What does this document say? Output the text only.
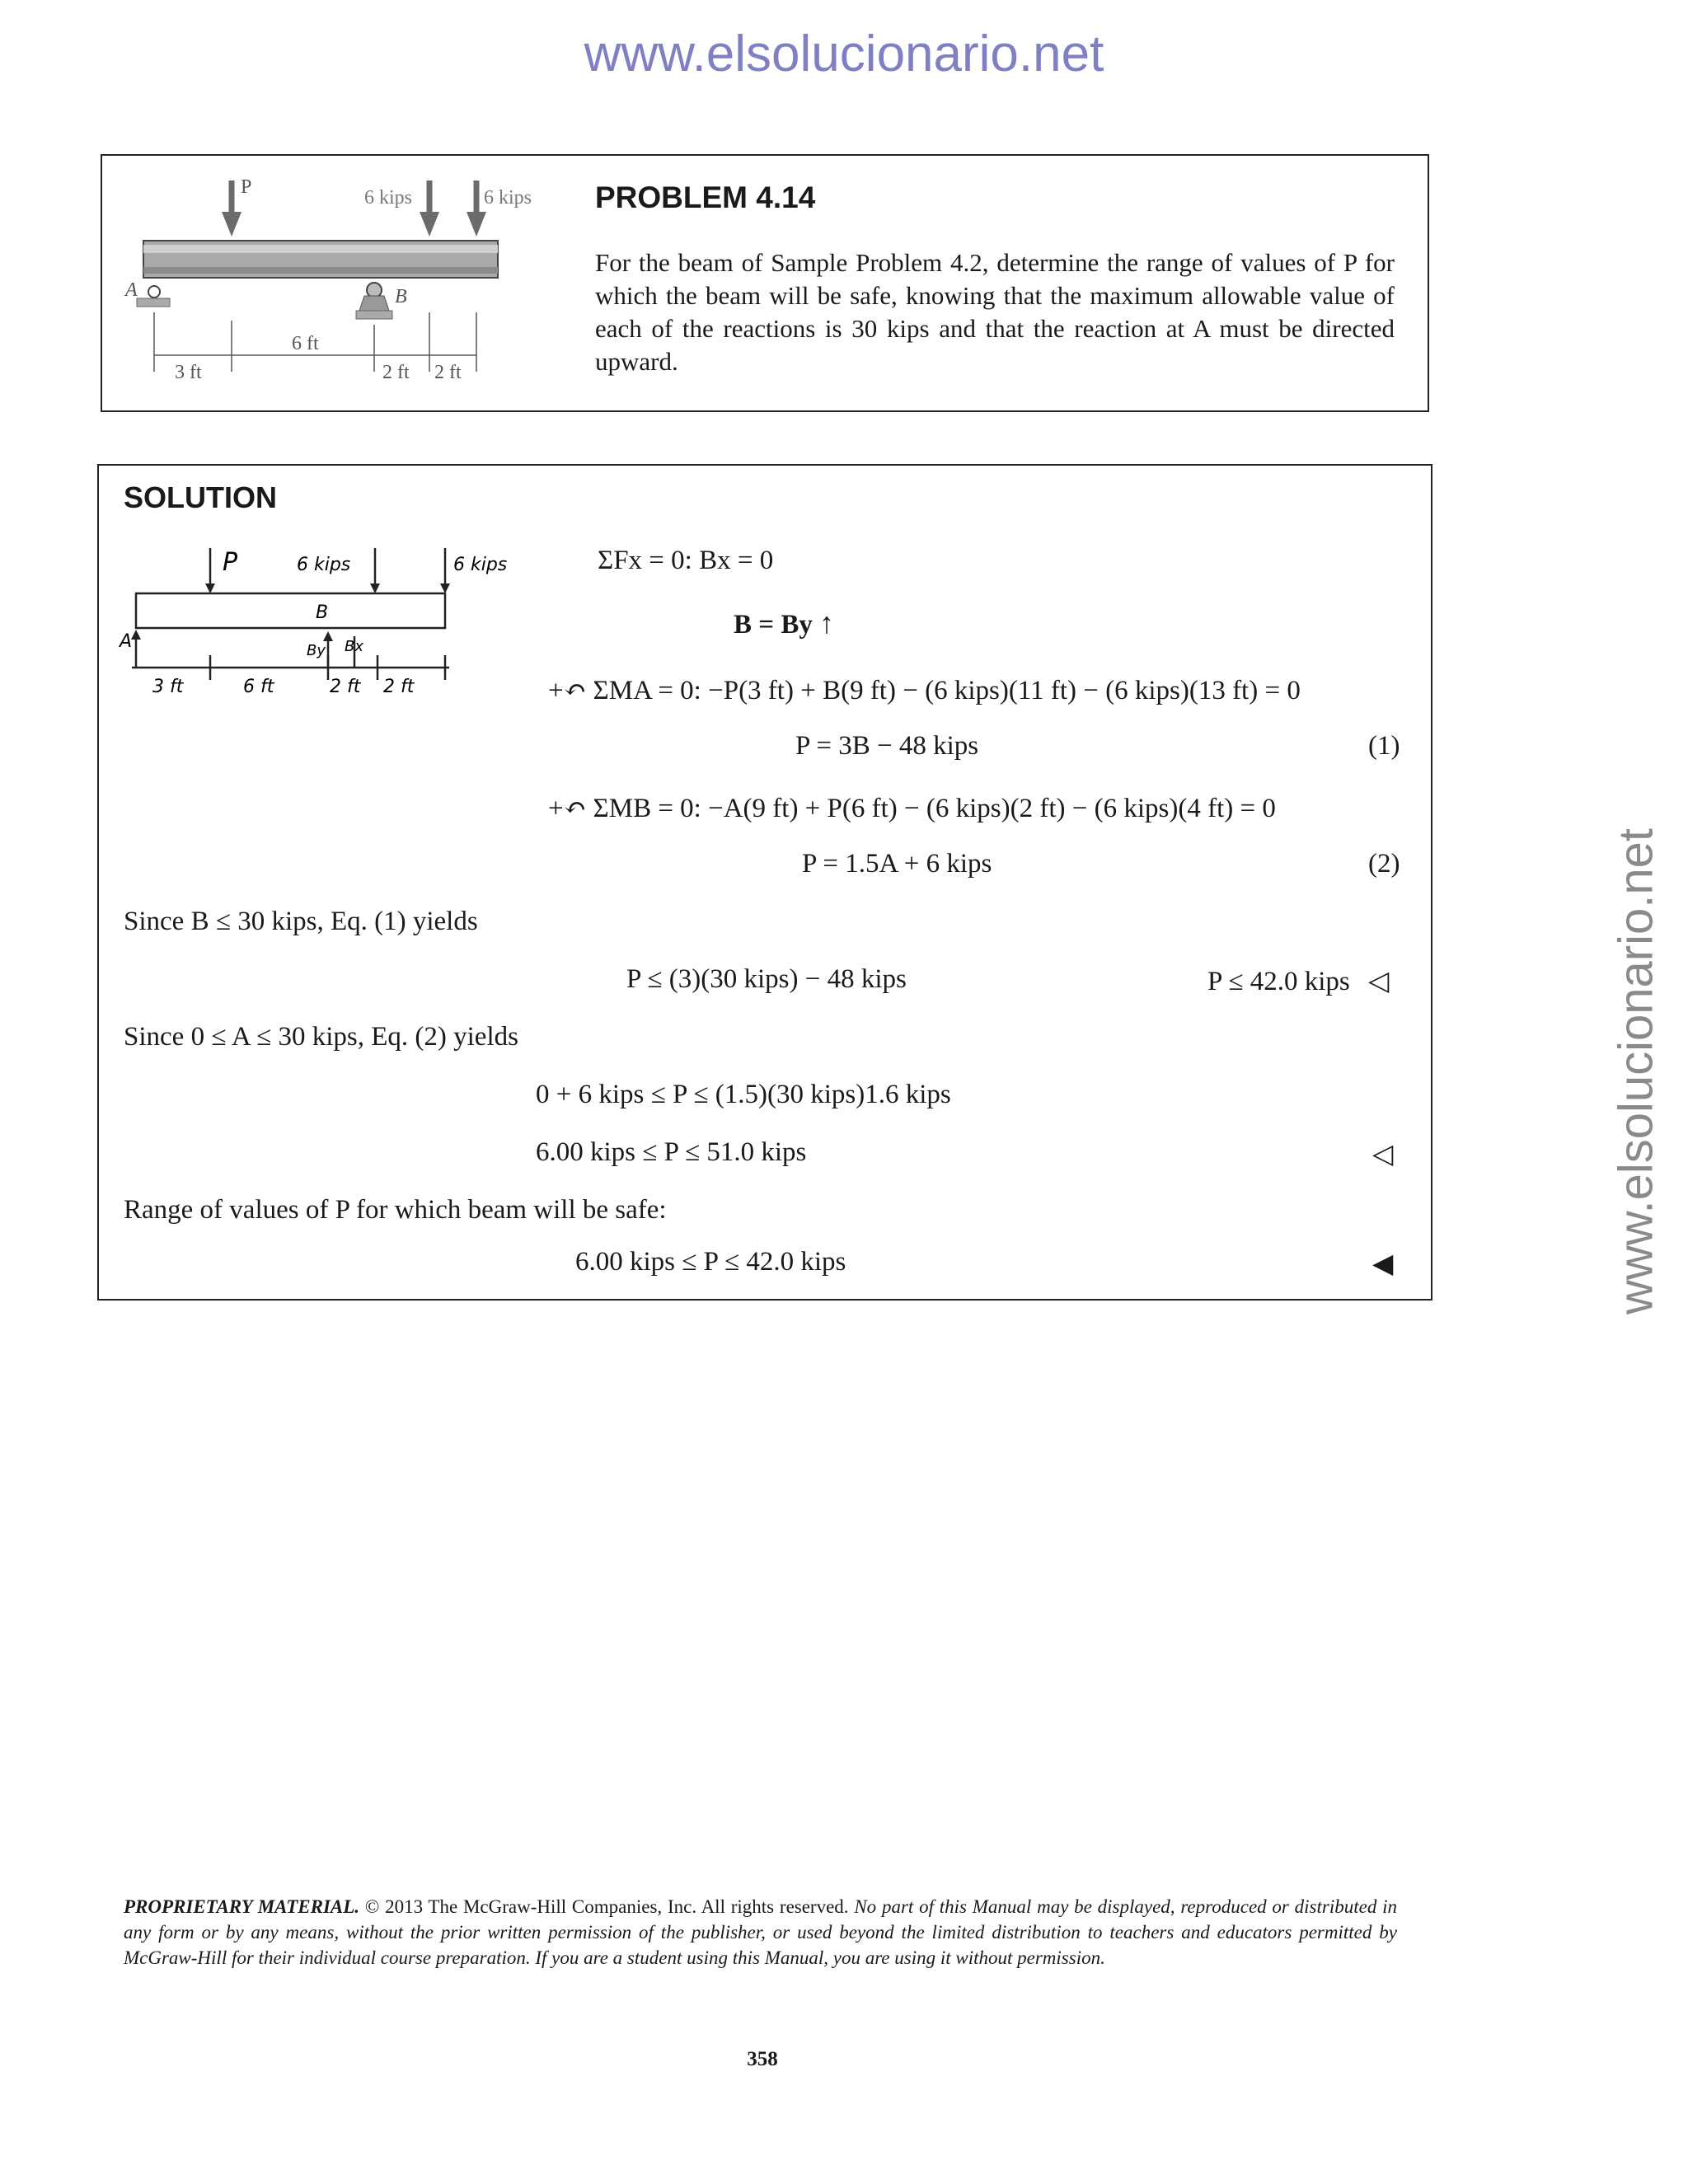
www.elsolucionario.net
www.elsolucionario.net
P	6 kips	6 kips
A	B
3 ft
6 ft
2 ft 2 ft
PROBLEM 4.14

For the beam of Sample Problem 4.2, determine the range of values of P for which the beam will be safe, knowing that the maximum allowable value of each of the reactions is 30 kips and that the reaction at A must be directed upward.

SOLUTION
P	6 kips	6 kips
B
A	By Bx
3 ft	6 ft	2 ft 2 ft
ΣFx = 0: Bx = 0
B = By ↑
+↶ ΣMA = 0: −P(3 ft) + B(9 ft) − (6 kips)(11 ft) − (6 kips)(13 ft) = 0
P = 3B − 48 kips	(1)
+↶ ΣMB = 0: −A(9 ft) + P(6 ft) − (6 kips)(2 ft) − (6 kips)(4 ft) = 0
P = 1.5A + 6 kips	(2)
Since B ≤ 30 kips, Eq. (1) yields
P ≤ (3)(30 kips) − 48 kips	P ≤ 42.0 kips ◁
Since 0 ≤ A ≤ 30 kips, Eq. (2) yields
0 + 6 kips ≤ P ≤ (1.5)(30 kips)1.6 kips
6.00 kips ≤ P ≤ 51.0 kips	◁
Range of values of P for which beam will be safe:
6.00 kips ≤ P ≤ 42.0 kips	◀

PROPRIETARY MATERIAL. © 2013 The McGraw-Hill Companies, Inc. All rights reserved. No part of this Manual may be displayed, reproduced or distributed in any form or by any means, without the prior written permission of the publisher, or used beyond the limited distribution to teachers and educators permitted by McGraw-Hill for their individual course preparation. If you are a student using this Manual, you are using it without permission.

358
